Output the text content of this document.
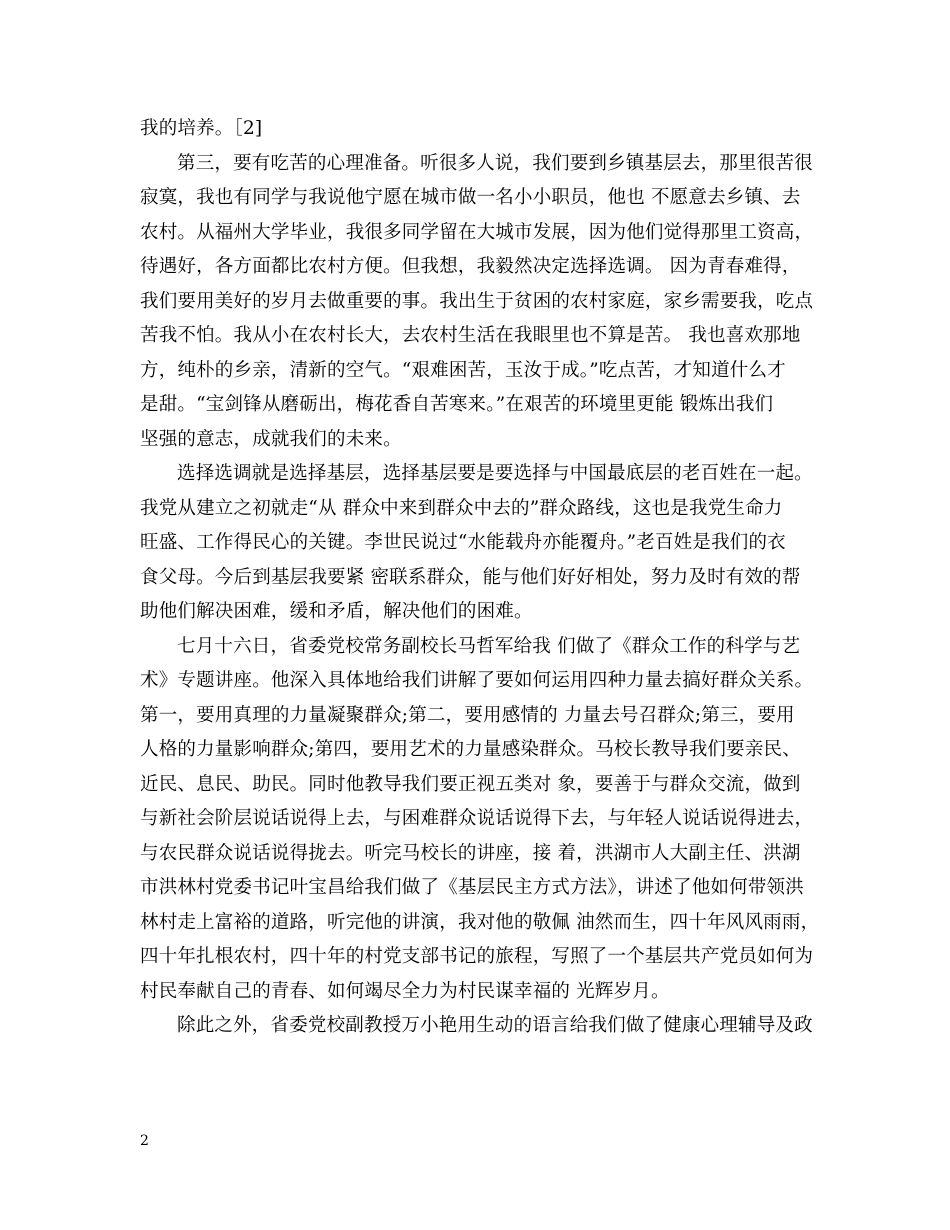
我的培养。［2]
第三，要有吃苦的心理准备。听很多人说，我们要到乡镇基层去，那里很苦很
寂寞，我也有同学与我说他宁愿在城市做一名小小职员，他也 不愿意去乡镇、去
农村。从福州大学毕业，我很多同学留在大城市发展，因为他们觉得那里工资高，
待遇好，各方面都比农村方便。但我想，我毅然决定选择选调。 因为青春难得，
我们要用美好的岁月去做重要的事。我出生于贫困的农村家庭，家乡需要我，吃点
苦我不怕。我从小在农村长大，去农村生活在我眼里也不算是苦。 我也喜欢那地
方，纯朴的乡亲，清新的空气。“艰难困苦，玉汝于成。”吃点苦，才知道什么才
是甜。“宝剑锋从磨砺出，梅花香自苦寒来。”在艰苦的环境里更能 锻炼出我们
坚强的意志，成就我们的未来。
选择选调就是选择基层，选择基层要是要选择与中国最底层的老百姓在一起。
我党从建立之初就走“从 群众中来到群众中去的”群众路线，这也是我党生命力
旺盛、工作得民心的关键。李世民说过“水能载舟亦能覆舟。”老百姓是我们的衣
食父母。今后到基层我要紧 密联系群众，能与他们好好相处，努力及时有效的帮
助他们解决困难，缓和矛盾，解决他们的困难。
七月十六日，省委党校常务副校长马哲军给我 们做了《群众工作的科学与艺
术》专题讲座。他深入具体地给我们讲解了要如何运用四种力量去搞好群众关系。
第一，要用真理的力量凝聚群众;第二，要用感情的 力量去号召群众;第三，要用
人格的力量影响群众;第四，要用艺术的力量感染群众。马校长教导我们要亲民、
近民、息民、助民。同时他教导我们要正视五类对 象，要善于与群众交流，做到
与新社会阶层说话说得上去，与困难群众说话说得下去，与年轻人说话说得进去，
与农民群众说话说得拢去。听完马校长的讲座，接 着，洪湖市人大副主任、洪湖
市洪林村党委书记叶宝昌给我们做了《基层民主方式方法》，讲述了他如何带领洪
林村走上富裕的道路，听完他的讲演，我对他的敬佩 油然而生，四十年风风雨雨，
四十年扎根农村，四十年的村党支部书记的旅程，写照了一个基层共产党员如何为
村民奉献自己的青春、如何竭尽全力为村民谋幸福的 光辉岁月。
除此之外，省委党校副教授万小艳用生动的语言给我们做了健康心理辅导及政
2
